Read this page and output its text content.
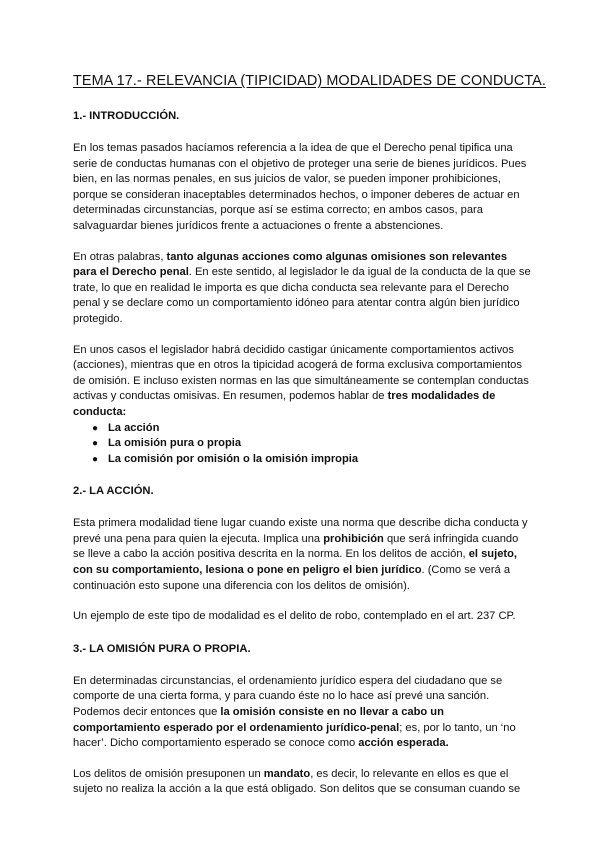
TEMA 17.- RELEVANCIA (TIPICIDAD) MODALIDADES DE CONDUCTA.
1.- INTRODUCCIÓN.

En los temas pasados hacíamos referencia a la idea de que el Derecho penal tipifica una serie de conductas humanas con el objetivo de proteger una serie de bienes jurídicos. Pues bien, en las normas penales, en sus juicios de valor, se pueden imponer prohibiciones, porque se consideran inaceptables determinados hechos, o imponer deberes de actuar en determinadas circunstancias, porque así se estima correcto; en ambos casos, para salvaguardar bienes jurídicos frente a actuaciones o frente a abstenciones.

En otras palabras, tanto algunas acciones como algunas omisiones son relevantes para el Derecho penal. En este sentido, al legislador le da igual de la conducta de la que se trate, lo que en realidad le importa es que dicha conducta sea relevante para el Derecho penal y se declare como un comportamiento idóneo para atentar contra algún bien jurídico protegido.

En unos casos el legislador habrá decidido castigar únicamente comportamientos activos (acciones), mientras que en otros la tipicidad acogerá de forma exclusiva comportamientos de omisión. E incluso existen normas en las que simultáneamente se contemplan conductas activas y conductas omisivas. En resumen, podemos hablar de tres modalidades de conducta:

● La acción
● La omisión pura o propia
● La comisión por omisión o la omisión impropia
2.- LA ACCIÓN.

Esta primera modalidad tiene lugar cuando existe una norma que describe dicha conducta y prevé una pena para quien la ejecuta. Implica una prohibición que será infringida cuando se lleve a cabo la acción positiva descrita en la norma. En los delitos de acción, el sujeto, con su comportamiento, lesiona o pone en peligro el bien jurídico. (Como se verá a continuación esto supone una diferencia con los delitos de omisión).

Un ejemplo de este tipo de modalidad es el delito de robo, contemplado en el art. 237 CP.

3.- LA OMISIÓN PURA O PROPIA.

En determinadas circunstancias, el ordenamiento jurídico espera del ciudadano que se comporte de una cierta forma, y para cuando éste no lo hace así prevé una sanción. Podemos decir entonces que la omisión consiste en no llevar a cabo un comportamiento esperado por el ordenamiento jurídico-penal; es, por lo tanto, un ‘no hacer’. Dicho comportamiento esperado se conoce como acción esperada.

Los delitos de omisión presuponen un mandato, es decir, lo relevante en ellos es que el sujeto no realiza la acción a la que está obligado. Son delitos que se consuman cuando se
